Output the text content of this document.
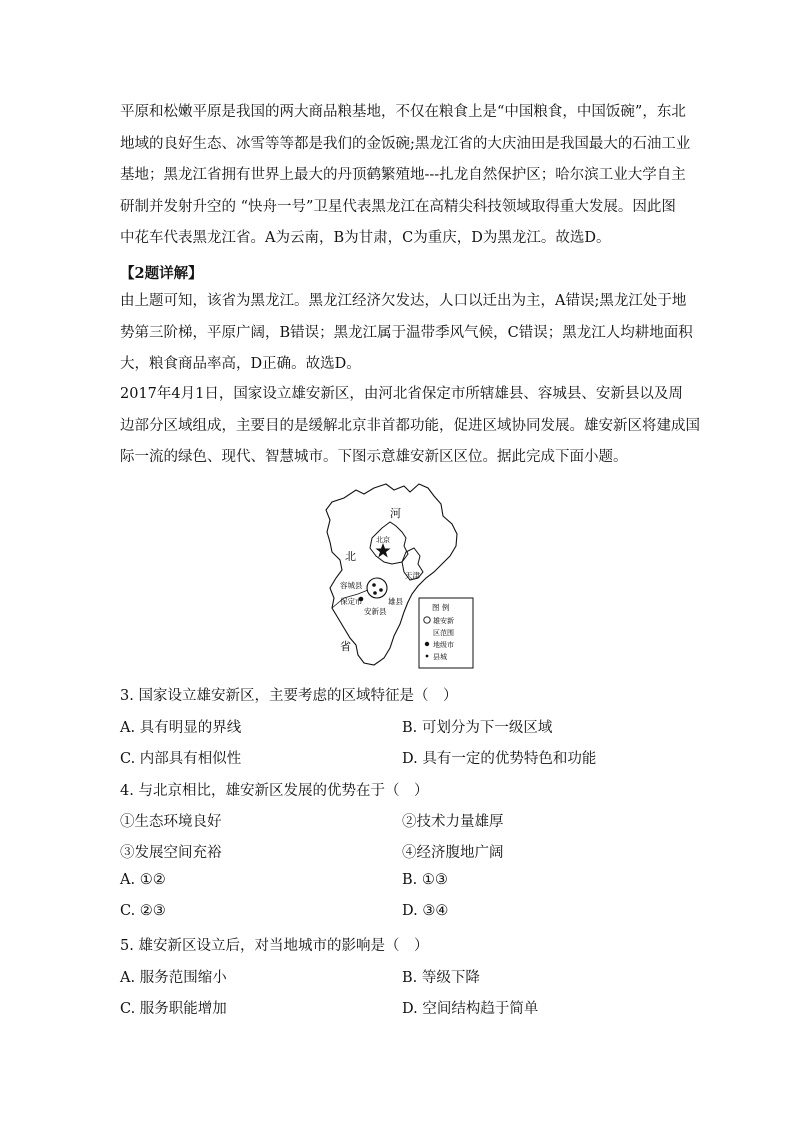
平原和松嫩平原是我国的两大商品粮基地，不仅在粮食上是“中国粮食，中国饭碗”，东北
地域的良好生态、冰雪等等都是我们的金饭碗;黑龙江省的大庆油田是我国最大的石油工业
基地；黑龙江省拥有世界上最大的丹顶鹤繁殖地---扎龙自然保护区；哈尔滨工业大学自主
研制并发射升空的 “快舟一号”卫星代表黑龙江在高精尖科技领域取得重大发展。因此图
中花车代表黑龙江省。A为云南，B为甘肃，C为重庆，D为黑龙江。故选D。

【2题详解】

由上题可知，该省为黑龙江。黑龙江经济欠发达，人口以迁出为主，A错误;黑龙江处于地
势第三阶梯，平原广阔，B错误；黑龙江属于温带季风气候，C错误；黑龙江人均耕地面积
大，粮食商品率高，D正确。故选D。

2017年4月1日，国家设立雄安新区，由河北省保定市所辖雄县、容城县、安新县以及周
边部分区域组成，主要目的是缓解北京非首都功能，促进区域协同发展。雄安新区将建成国
际一流的绿色、现代、智慧城市。下图示意雄安新区区位。据此完成下面小题。

河
北
省
北京
天津
容城县
保定市
安新县
雄县
图 例
雄安新
区范围
地级市
县城
3. 国家设立雄安新区，主要考虑的区域特征是（　）
A. 具有明显的界线	B. 可划分为下一级区域
C. 内部具有相似性	D. 具有一定的优势特色和功能
4. 与北京相比，雄安新区发展的优势在于（　）
①生态环境良好	②技术力量雄厚
③发展空间充裕	④经济腹地广阔
A. ①②	B. ①③
C. ②③	D. ③④
5. 雄安新区设立后，对当地城市的影响是（　）
A. 服务范围缩小	B. 等级下降
C. 服务职能增加	D. 空间结构趋于简单
